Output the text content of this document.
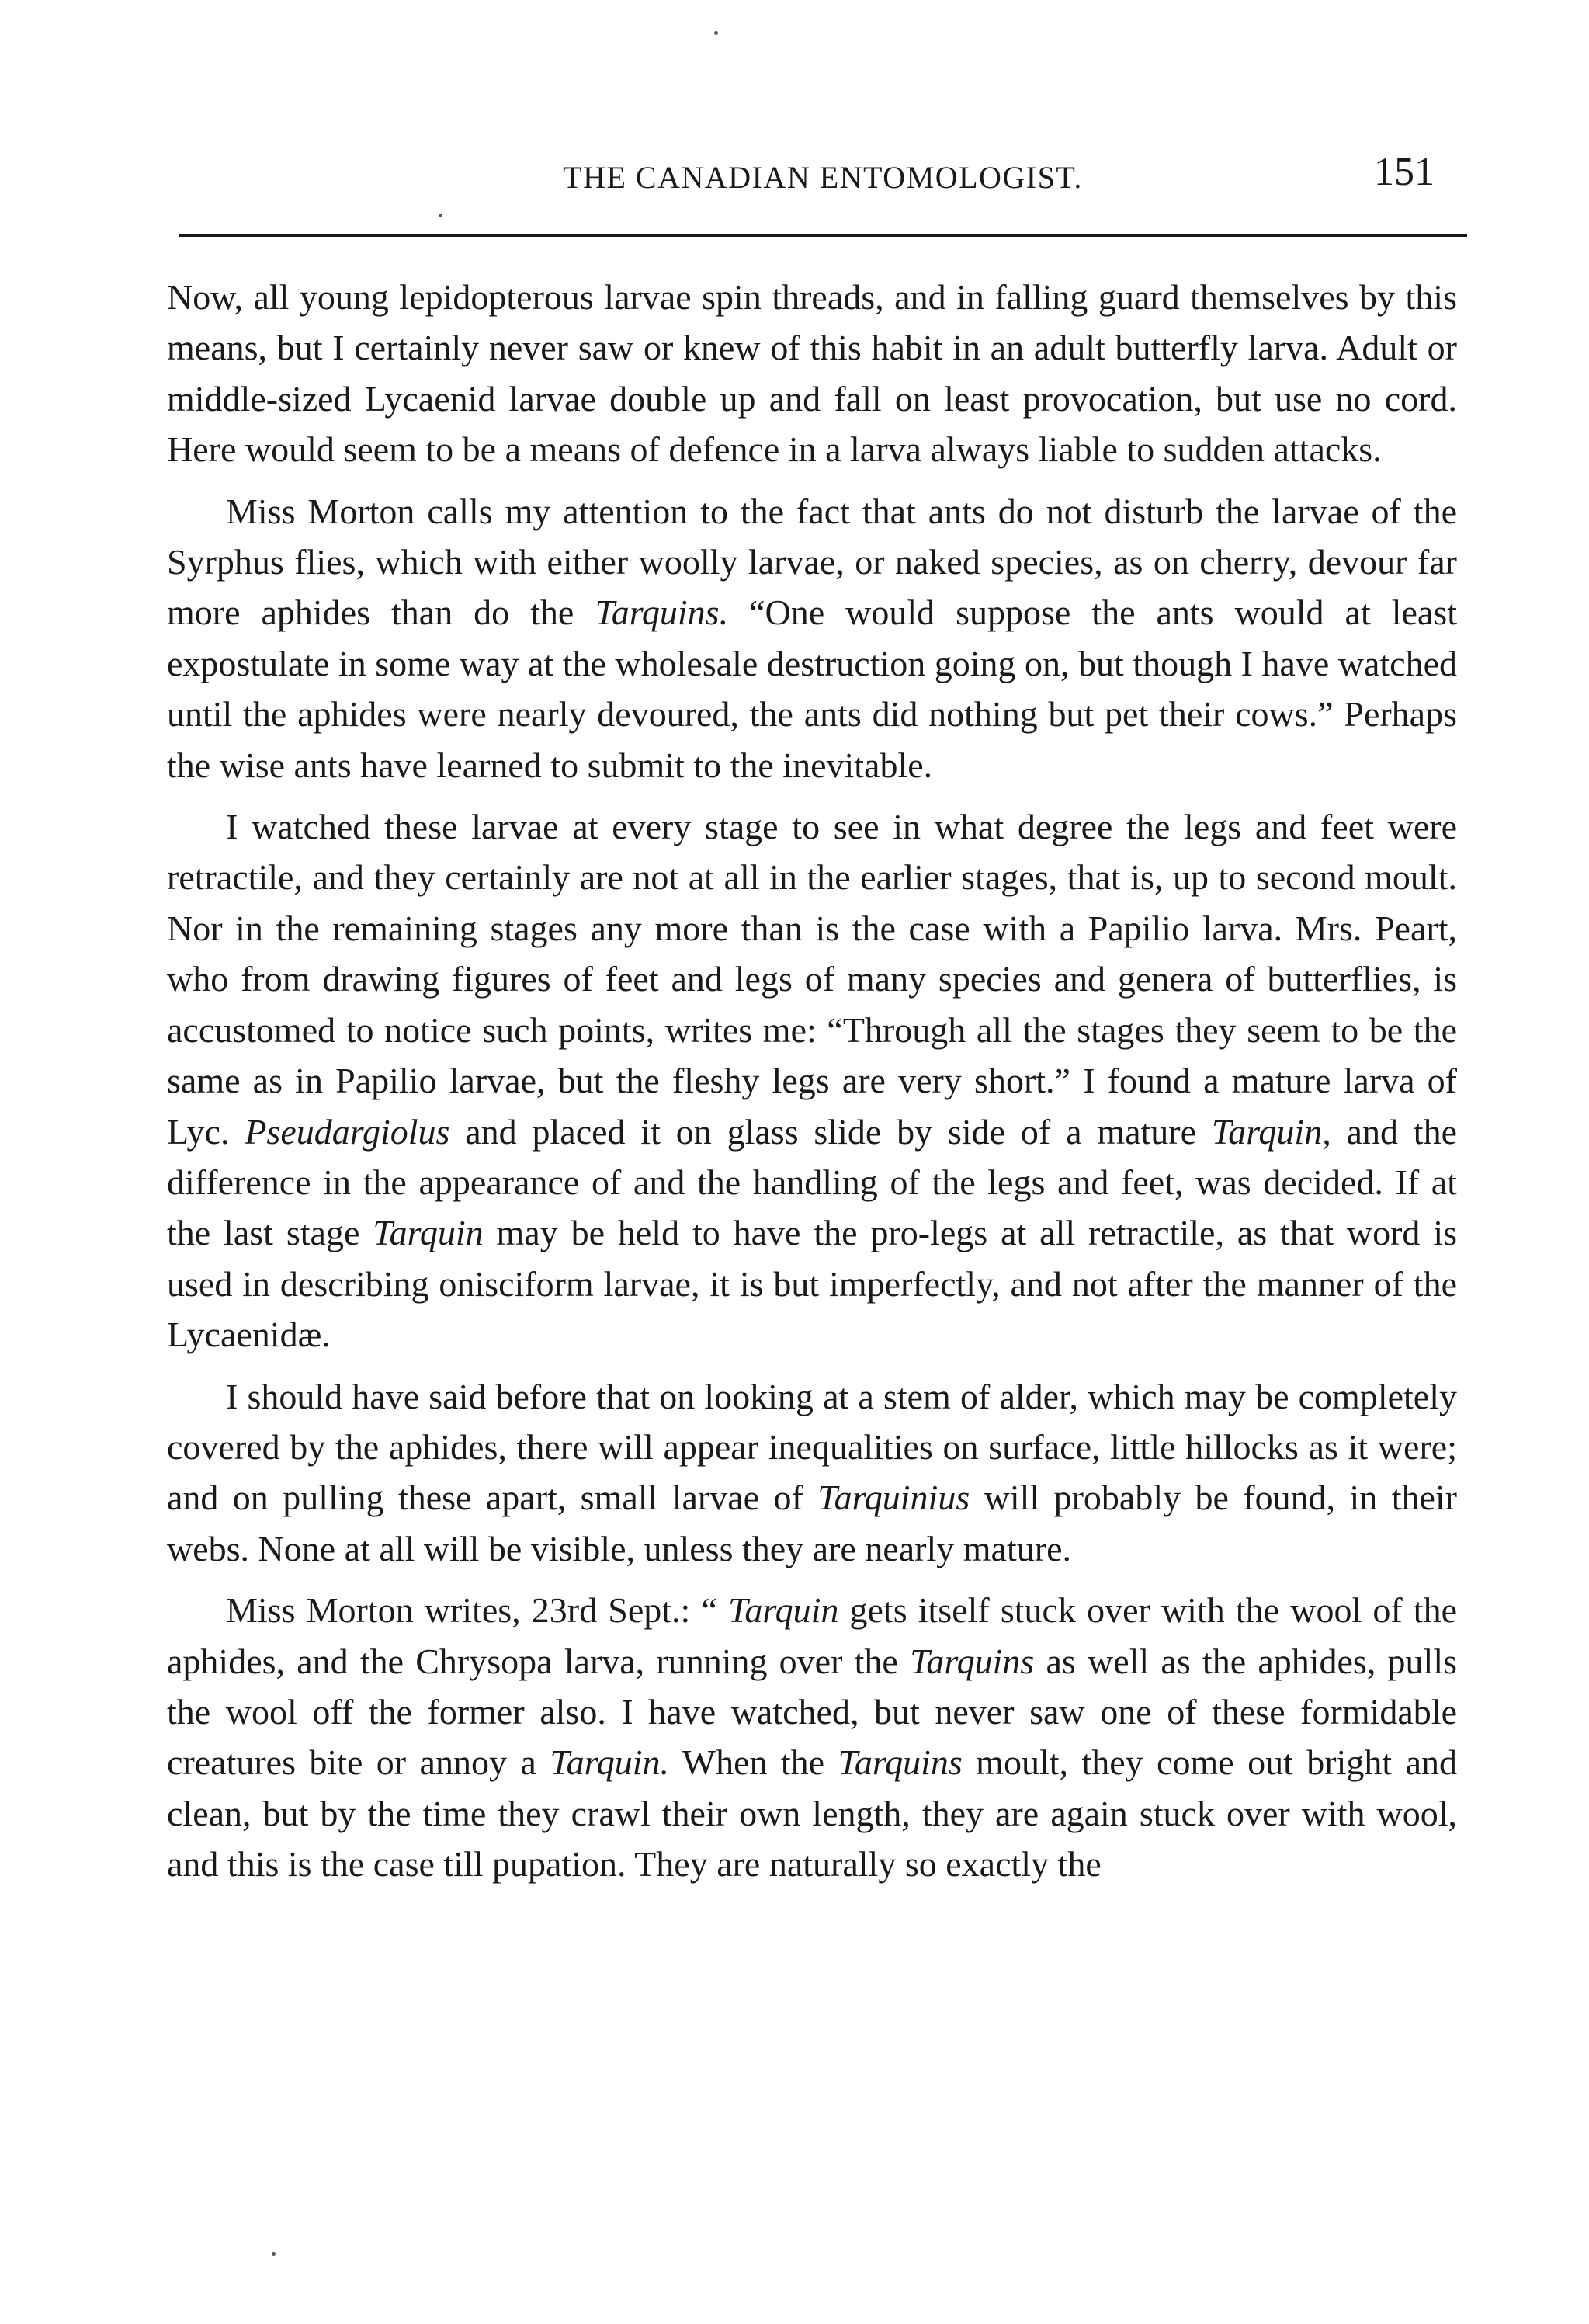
THE CANADIAN ENTOMOLOGIST.	151

Now, all young lepidopterous larvae spin threads, and in falling guard themselves by this means, but I certainly never saw or knew of this habit in an adult butterfly larva. Adult or middle-sized Lycaenid larvae double up and fall on least provocation, but use no cord. Here would seem to be a means of defence in a larva always liable to sudden attacks.

Miss Morton calls my attention to the fact that ants do not disturb the larvae of the Syrphus flies, which with either woolly larvae, or naked species, as on cherry, devour far more aphides than do the Tarquins. “One would suppose the ants would at least expostulate in some way at the wholesale destruction going on, but though I have watched until the aphides were nearly devoured, the ants did nothing but pet their cows.” Perhaps the wise ants have learned to submit to the inevitable.

I watched these larvae at every stage to see in what degree the legs and feet were retractile, and they certainly are not at all in the earlier stages, that is, up to second moult. Nor in the remaining stages any more than is the case with a Papilio larva. Mrs. Peart, who from drawing figures of feet and legs of many species and genera of butterflies, is accustomed to notice such points, writes me: “Through all the stages they seem to be the same as in Papilio larvae, but the fleshy legs are very short.” I found a mature larva of Lyc. Pseudargiolus and placed it on glass slide by side of a mature Tarquin, and the difference in the appearance of and the handling of the legs and feet, was decided. If at the last stage Tarquin may be held to have the pro-legs at all retractile, as that word is used in describing onisciform larvae, it is but imperfectly, and not after the manner of the Lycaenidæ.

I should have said before that on looking at a stem of alder, which may be completely covered by the aphides, there will appear inequalities on surface, little hillocks as it were; and on pulling these apart, small larvae of Tarquinius will probably be found, in their webs. None at all will be visible, unless they are nearly mature.

Miss Morton writes, 23rd Sept.: “ Tarquin gets itself stuck over with the wool of the aphides, and the Chrysopa larva, running over the Tarquins as well as the aphides, pulls the wool off the former also. I have watched, but never saw one of these formidable creatures bite or annoy a Tarquin. When the Tarquins moult, they come out bright and clean, but by the time they crawl their own length, they are again stuck over with wool, and this is the case till pupation. They are naturally so exactly the
